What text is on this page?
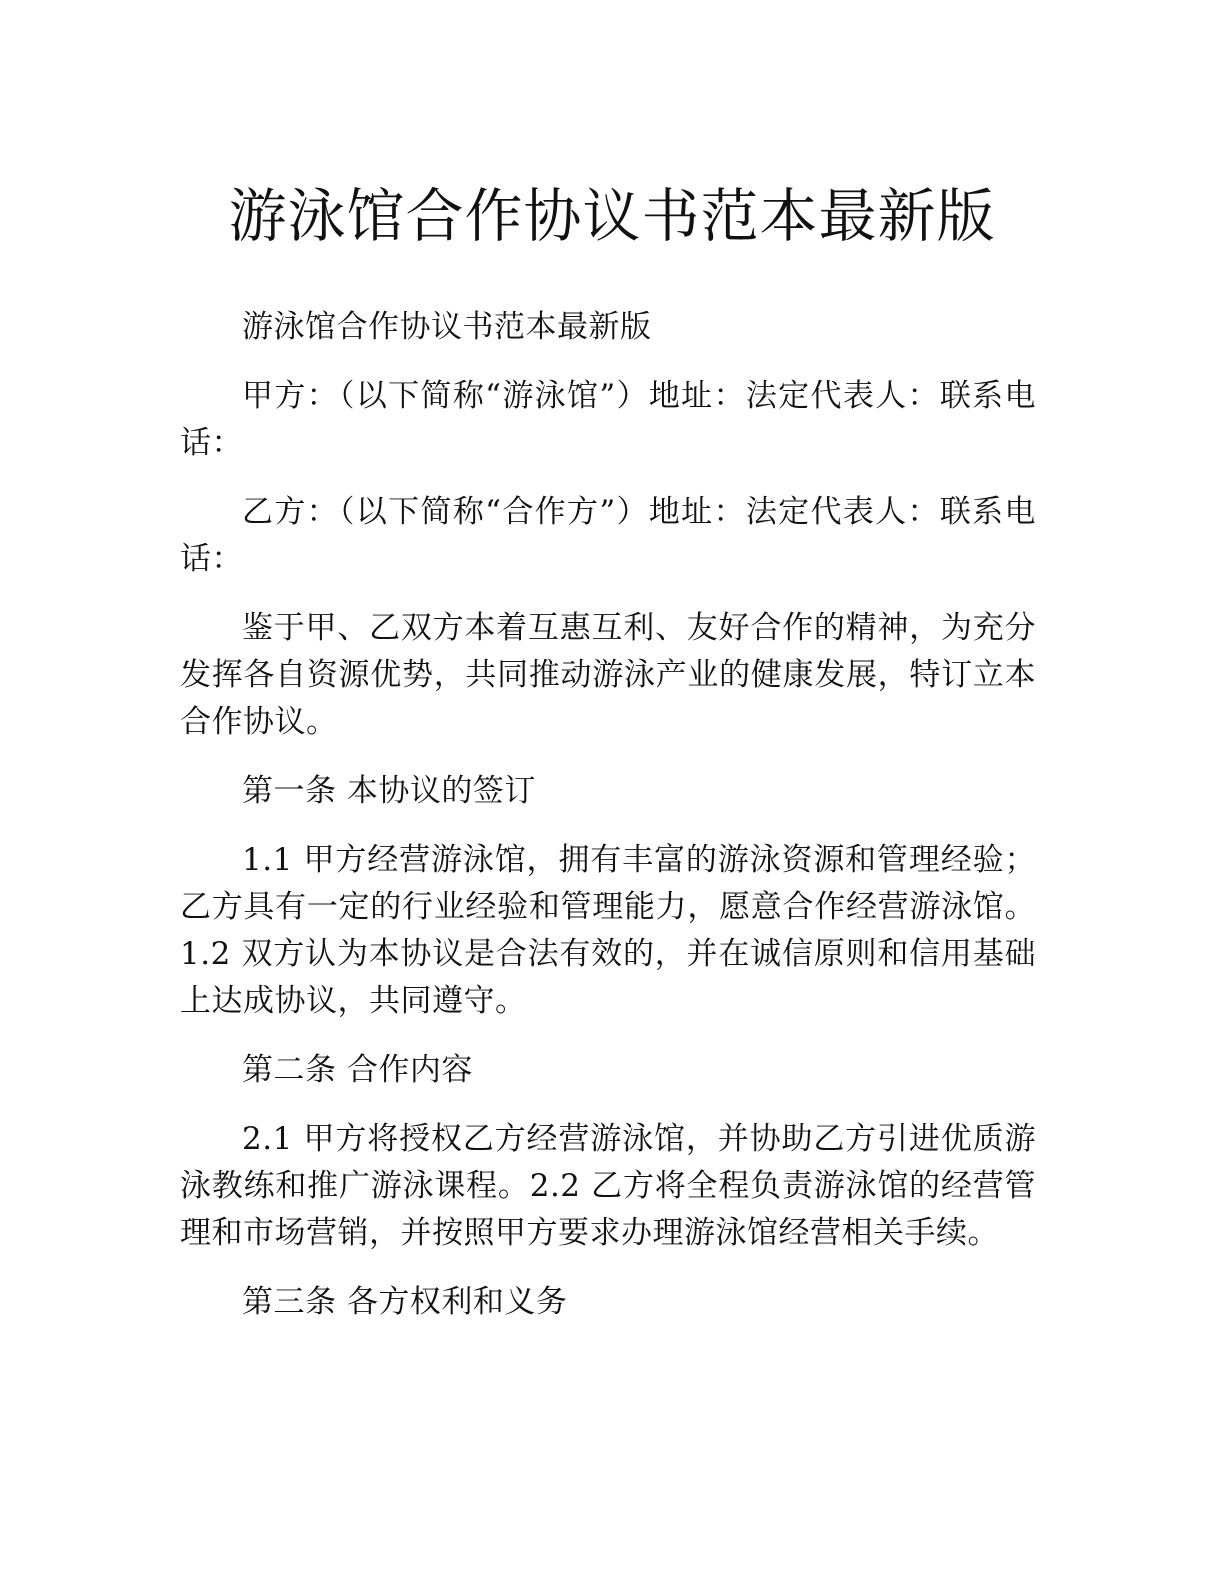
游泳馆合作协议书范本最新版

游泳馆合作协议书范本最新版

甲方：（以下简称“游泳馆”）地址：法定代表人：联系电话：

乙方：（以下简称“合作方”）地址：法定代表人：联系电话：

鉴于甲、乙双方本着互惠互利、友好合作的精神，为充分发挥各自资源优势，共同推动游泳产业的健康发展，特订立本合作协议。

第一条 本协议的签订

1.1 甲方经营游泳馆，拥有丰富的游泳资源和管理经验；乙方具有一定的行业经验和管理能力，愿意合作经营游泳馆。1.2 双方认为本协议是合法有效的，并在诚信原则和信用基础上达成协议，共同遵守。

第二条 合作内容

2.1 甲方将授权乙方经营游泳馆，并协助乙方引进优质游泳教练和推广游泳课程。2.2 乙方将全程负责游泳馆的经营管理和市场营销，并按照甲方要求办理游泳馆经营相关手续。

第三条 各方权利和义务
